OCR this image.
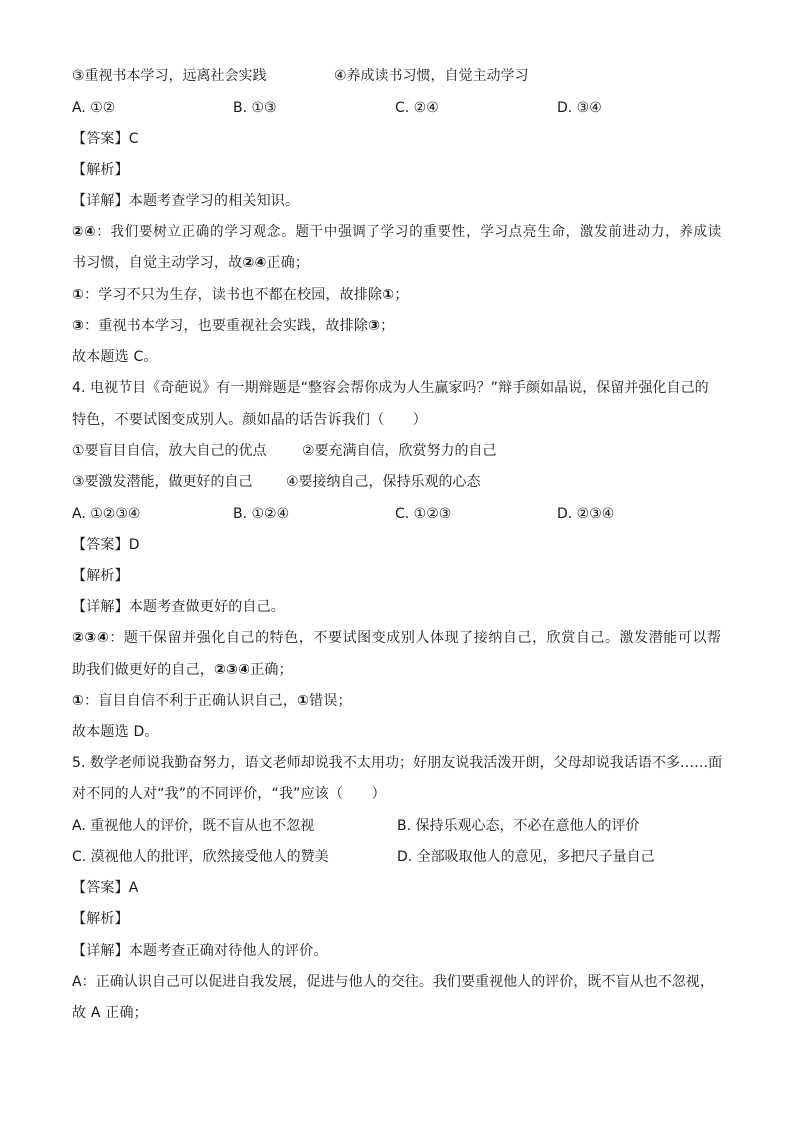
③重视书本学习，远离社会实践	④养成读书习惯，自觉主动学习
A. ①②	B. ①③	C. ②④	D. ③④
【答案】C
【解析】
【详解】本题考查学习的相关知识。
②④：我们要树立正确的学习观念。题干中强调了学习的重要性，学习点亮生命，激发前进动力，养成读
书习惯，自觉主动学习，故②④正确；
①：学习不只为生存，读书也不都在校园，故排除①；
③：重视书本学习，也要重视社会实践，故排除③；
故本题选 C。
4. 电视节目《奇葩说》有一期辩题是“整容会帮你成为人生赢家吗？”辩手颜如晶说，保留并强化自己的
特色，不要试图变成别人。颜如晶的话告诉我们（　　）
①要盲目自信，放大自己的优点	②要充满自信，欣赏努力的自己
③要激发潜能，做更好的自己 ④要接纳自己，保持乐观的心态
A. ①②③④	B. ①②④	C. ①②③	D. ②③④
【答案】D
【解析】
【详解】本题考查做更好的自己。
②③④：题干保留并强化自己的特色，不要试图变成别人体现了接纳自己，欣赏自己。激发潜能可以帮
助我们做更好的自己，②③④正确；
①：盲目自信不利于正确认识自己，①错误；
故本题选 D。
5. 数学老师说我勤奋努力，语文老师却说我不太用功；好朋友说我活泼开朗，父母却说我话语不多……面
对不同的人对“我”的不同评价，“我”应该（　　）
A. 重视他人的评价，既不盲从也不忽视	B. 保持乐观心态，不必在意他人的评价
C. 漠视他人的批评，欣然接受他人的赞美	D. 全部吸取他人的意见，多把尺子量自己
【答案】A
【解析】
【详解】本题考查正确对待他人的评价。
A：正确认识自己可以促进自我发展，促进与他人的交往。我们要重视他人的评价，既不盲从也不忽视，
故 A 正确；
